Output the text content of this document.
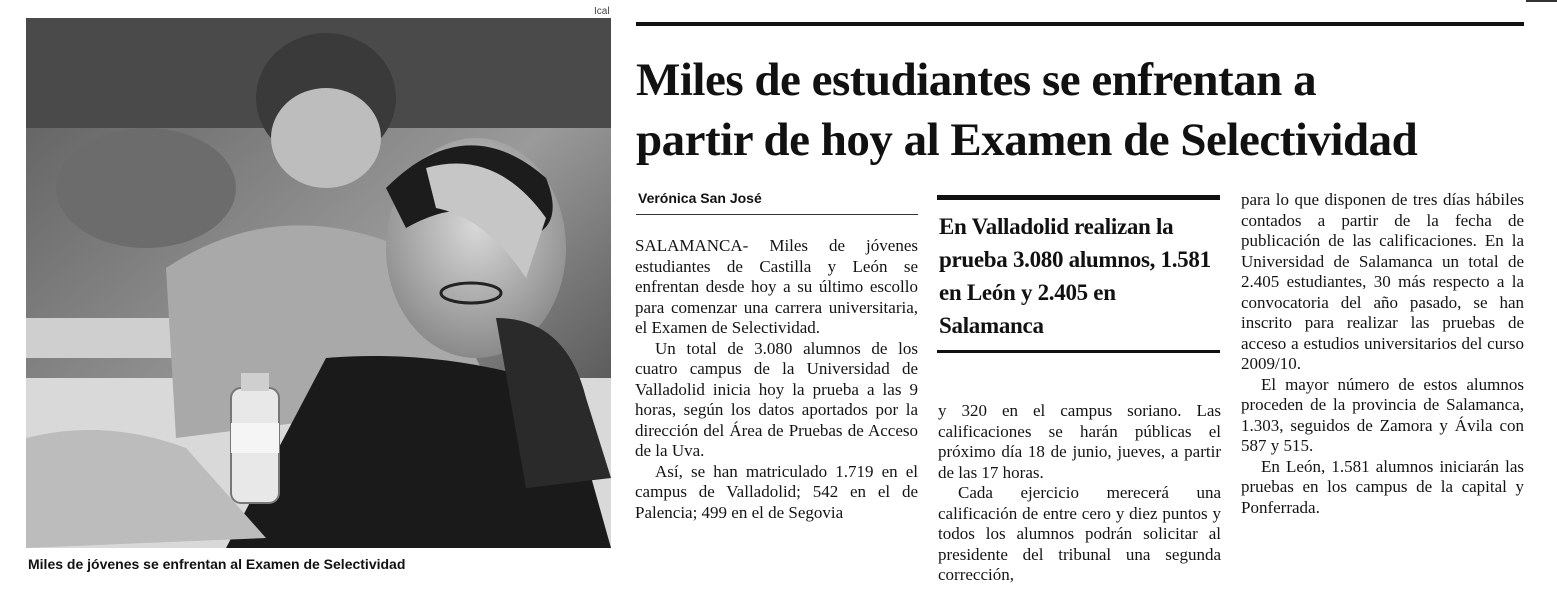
Ical
Miles de jóvenes se enfrentan al Examen de Selectividad
Miles de estudiantes se enfrentan a
partir de hoy al Examen de Selectividad
Verónica San José

SALAMANCA- Miles de jóvenes estudiantes de Castilla y León se enfrentan desde hoy a su último escollo para comenzar una carrera universitaria, el Examen de Selectividad.

Un total de 3.080 alumnos de los cuatro campus de la Universidad de Valladolid inicia hoy la prueba a las 9 horas, según los datos aportados por la dirección del Área de Pruebas de Acceso de la Uva.

Así, se han matriculado 1.719 en el campus de Valladolid; 542 en el de Palencia; 499 en el de Segovia

En Valladolid realizan la prueba 3.080 alumnos, 1.581 en León y 2.405 en Salamanca

y 320 en el campus soriano. Las calificaciones se harán públicas el próximo día 18 de junio, jueves, a partir de las 17 horas.

Cada ejercicio merecerá una calificación de entre cero y diez puntos y todos los alumnos podrán solicitar al presidente del tribunal una segunda corrección,

para lo que disponen de tres días hábiles contados a partir de la fecha de publicación de las calificaciones. En la Universidad de Salamanca un total de 2.405 estudiantes, 30 más respecto a la convocatoria del año pasado, se han inscrito para realizar las pruebas de acceso a estudios universitarios del curso 2009/10.

El mayor número de estos alumnos proceden de la provincia de Salamanca, 1.303, seguidos de Zamora y Ávila con 587 y 515.

En León, 1.581 alumnos iniciarán las pruebas en los campus de la capital y Ponferrada.
